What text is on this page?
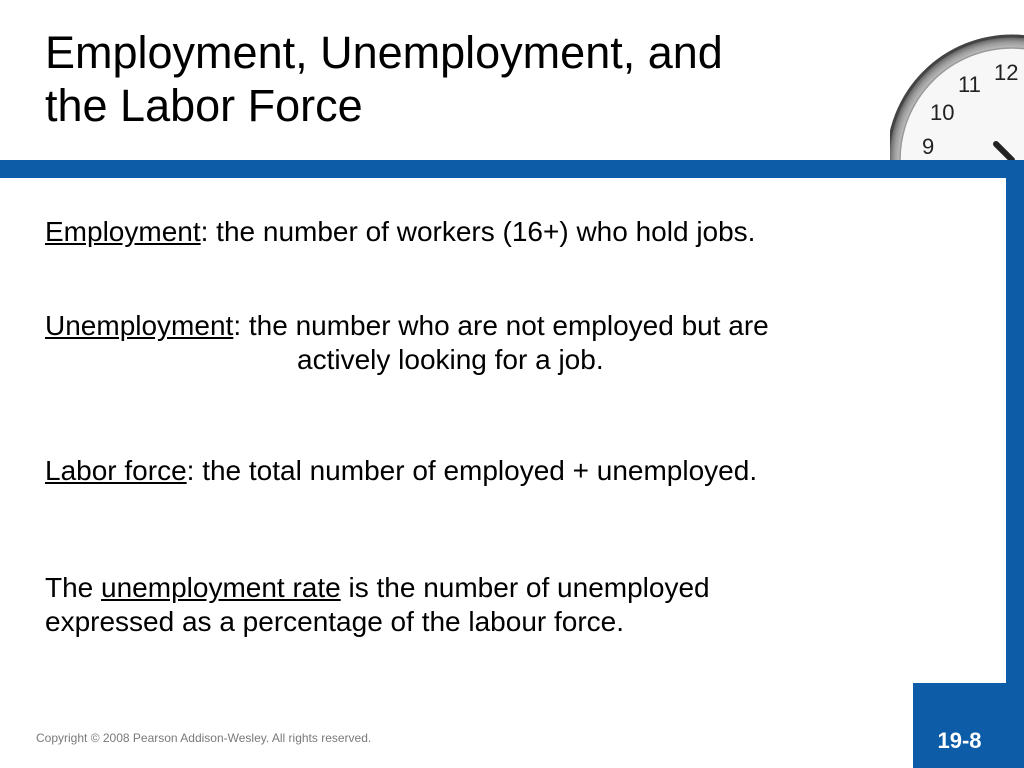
Employment, Unemployment, and
the Labor Force
12
11
10
9
Employment: the number of workers (16+) who hold jobs.
Unemployment: the number who are not employed but are
actively looking for a job.
Labor force: the total number of employed + unemployed.
The unemployment rate is the number of unemployed
expressed as a percentage of the labour force.
Copyright © 2008 Pearson Addison-Wesley. All rights reserved.	19-8
